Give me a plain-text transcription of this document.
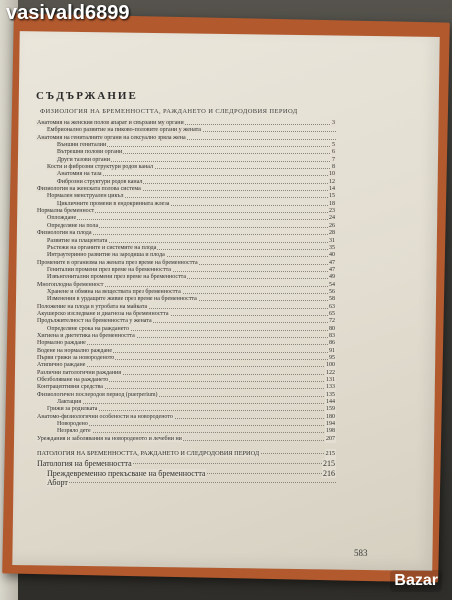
vasivald6899
СЪДЪРЖАНИЕ
ФИЗИОЛОГИЯ НА БРЕМЕННОСТТА, РАЖДАНЕТО И СЛЕДРОДОВИЯ ПЕРИОД
Анатомия на женския полов апарат и свързани му органи	3
Ембрионално развитие на пиково-половите органи у жената
Анатомия на гениталните органи на сексуално зряла жена
Външни гениталии	5
Вътрешни полови органи	6
Други тазови органи	7
Кости и фиброзни структури родов канал	8
Анатомия на таза	10
Фиброзни структури родов канал	12
Физиология на женската полова система	14
Нормален менструален цикъл	15
Цикличните промени в ендокринната жлеза	18
Нормална бременност	23
Оплождане	24
Определяне на пола	26
Физиология на плода	28
Развитие на плацентата	31
Ръстежи на органите и системите на плода	35
Интраутеринно развитие на зародиша и плода	40
Промените в организма на жената през време на бременността	47
Гениталии промени през време на бременността	47
Извънгенитални промени през време на бременността	49
Многоплодна бременност	54
Хранене и обмяна на веществата през бременността	56
Изменения в урдащите живие през време на бременността	58
Положение на плода в утробата на майката	63
Акушерско изследване и диагноза на бременността	65
Продължителност на бременността у жената	72
Определяне срока на раждането	80
Хигиена и диететика на бременността	83
Нормално раждане	86
Водене на нормално раждане	91
Първи грижи за новороденото	95
Атипично раждане	100
Различни патологични раждания	122
Обезболяване на раждането	131
Контрацептивни средства	133
Физиологичен послеродов период (puerperium)	135
Лактация	144
Грижи за родилката	159
Анатомо-физиологични особености на новороденото	180
Новородено	194
Незряло дете	198
Уреждания и заболявания на новороденото и лечебни ни	207
ПАТОЛОГИЯ НА БРЕМЕННОСТТА, РАЖДАНЕТО И СЛЕДРОДОВИЯ ПЕРИОД	215
Патология на бременността	215
Преждевременно прекъсване на бременността	216
Аборт
583
Bazar
